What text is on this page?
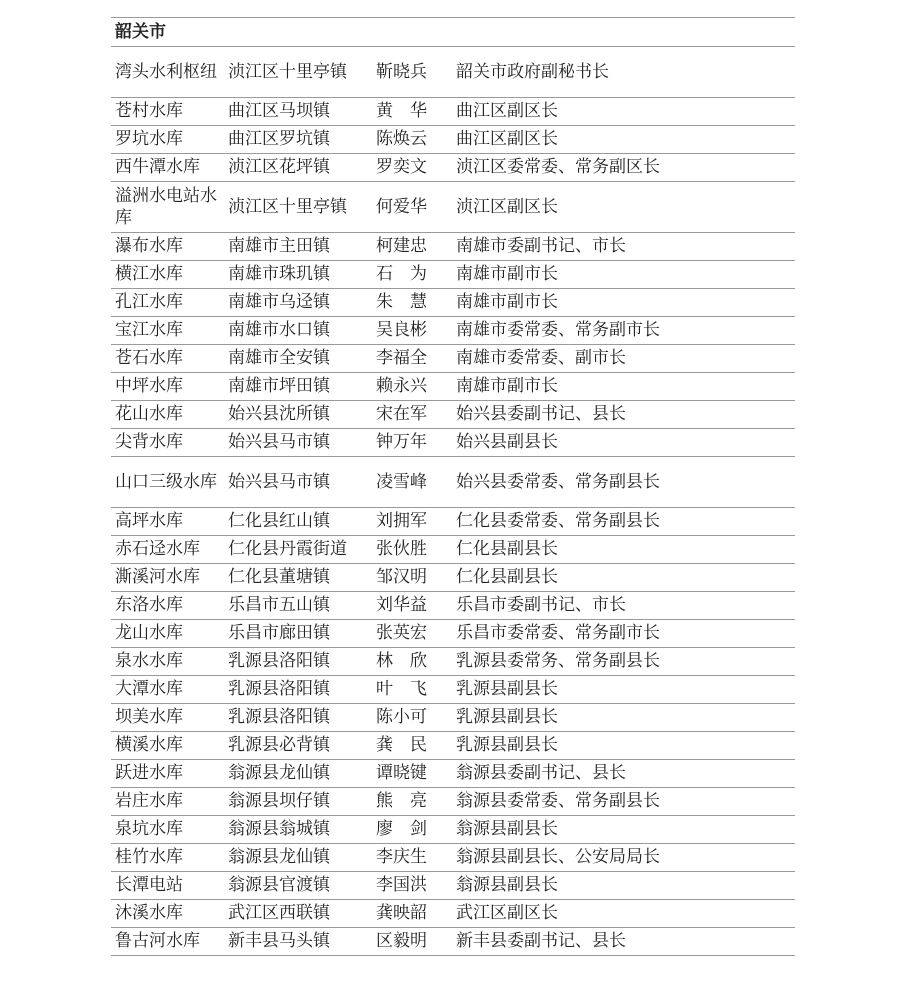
韶关市			
湾头水利枢纽	浈江区十里亭镇	靳晓兵	韶关市政府副秘书长
苍村水库	曲江区马坝镇	黄　华	曲江区副区长
罗坑水库	曲江区罗坑镇	陈焕云	曲江区副区长
西牛潭水库	浈江区花坪镇	罗奕文	浈江区委常委、常务副区长
溢洲水电站水库	浈江区十里亭镇	何爱华	浈江区副区长
瀑布水库	南雄市主田镇	柯建忠	南雄市委副书记、市长
横江水库	南雄市珠玑镇	石　为	南雄市副市长
孔江水库	南雄市乌迳镇	朱　慧	南雄市副市长
宝江水库	南雄市水口镇	吴良彬	南雄市委常委、常务副市长
苍石水库	南雄市全安镇	李福全	南雄市委常委、副市长
中坪水库	南雄市坪田镇	赖永兴	南雄市副市长
花山水库	始兴县沈所镇	宋在军	始兴县委副书记、县长
尖背水库	始兴县马市镇	钟万年	始兴县副县长
山口三级水库	始兴县马市镇	凌雪峰	始兴县委常委、常务副县长
高坪水库	仁化县红山镇	刘拥军	仁化县委常委、常务副县长
赤石迳水库	仁化县丹霞街道	张伙胜	仁化县副县长
澌溪河水库	仁化县董塘镇	邹汉明	仁化县副县长
东洛水库	乐昌市五山镇	刘华益	乐昌市委副书记、市长
龙山水库	乐昌市廊田镇	张英宏	乐昌市委常委、常务副市长
泉水水库	乳源县洛阳镇	林　欣	乳源县委常务、常务副县长
大潭水库	乳源县洛阳镇	叶　飞	乳源县副县长
坝美水库	乳源县洛阳镇	陈小可	乳源县副县长
横溪水库	乳源县必背镇	龚　民	乳源县副县长
跃进水库	翁源县龙仙镇	谭晓键	翁源县委副书记、县长
岩庄水库	翁源县坝仔镇	熊　亮	翁源县委常委、常务副县长
泉坑水库	翁源县翁城镇	廖　剑	翁源县副县长
桂竹水库	翁源县龙仙镇	李庆生	翁源县副县长、公安局局长
长潭电站	翁源县官渡镇	李国洪	翁源县副县长
沐溪水库	武江区西联镇	龚映韶	武江区副区长
鲁古河水库	新丰县马头镇	区毅明	新丰县委副书记、县长
